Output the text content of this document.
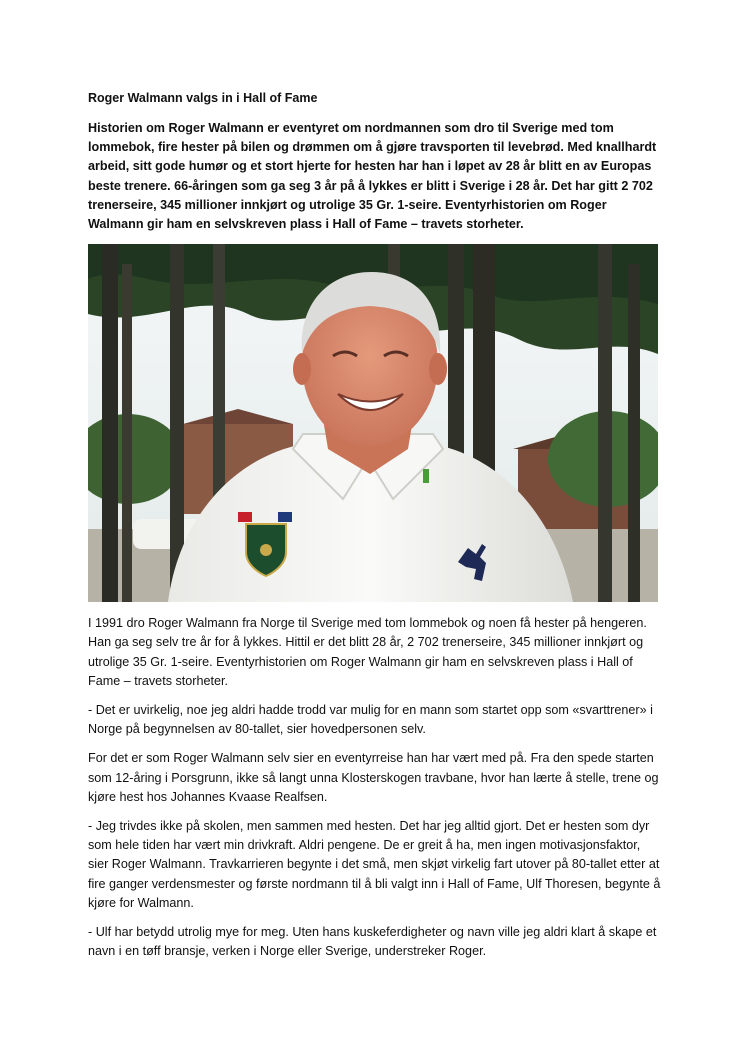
Roger Walmann valgs in i Hall of Fame
Historien om Roger Walmann er eventyret om nordmannen som dro til Sverige med tom lommebok, fire hester på bilen og drømmen om å gjøre travsporten til levebrød. Med knallhardt arbeid, sitt gode humør og et stort hjerte for hesten har han i løpet av 28 år blitt en av Europas beste trenere. 66-åringen som ga seg 3 år på å lykkes er blitt i Sverige i 28 år. Det har gitt 2 702 trenerseire, 345 millioner innkjørt og utrolige 35 Gr. 1-seire. Eventyrhistorien om Roger Walmann gir ham en selvskreven plass i Hall of Fame – travets storheter.
I 1991 dro Roger Walmann fra Norge til Sverige med tom lommebok og noen få hester på hengeren. Han ga seg selv tre år for å lykkes. Hittil er det blitt 28 år, 2 702 trenerseire, 345 millioner innkjørt og utrolige 35 Gr. 1-seire. Eventyrhistorien om Roger Walmann gir ham en selvskreven plass i Hall of Fame – travets storheter.
- Det er uvirkelig, noe jeg aldri hadde trodd var mulig for en mann som startet opp som «svarttrener» i Norge på begynnelsen av 80-tallet, sier hovedpersonen selv.
For det er som Roger Walmann selv sier en eventyrreise han har vært med på. Fra den spede starten som 12-åring i Porsgrunn, ikke så langt unna Klosterskogen travbane, hvor han lærte å stelle, trene og kjøre hest hos Johannes Kvaase Realfsen.
- Jeg trivdes ikke på skolen, men sammen med hesten. Det har jeg alltid gjort. Det er hesten som dyr som hele tiden har vært min drivkraft. Aldri pengene. De er greit å ha, men ingen motivasjonsfaktor, sier Roger Walmann. Travkarrieren begynte i det små, men skjøt virkelig fart utover på 80-tallet etter at fire ganger verdensmester og første nordmann til å bli valgt inn i Hall of Fame, Ulf Thoresen, begynte å kjøre for Walmann.
- Ulf har betydd utrolig mye for meg. Uten hans kuskeferdigheter og navn ville jeg aldri klart å skape et navn i en tøff bransje, verken i Norge eller Sverige, understreker Roger.
